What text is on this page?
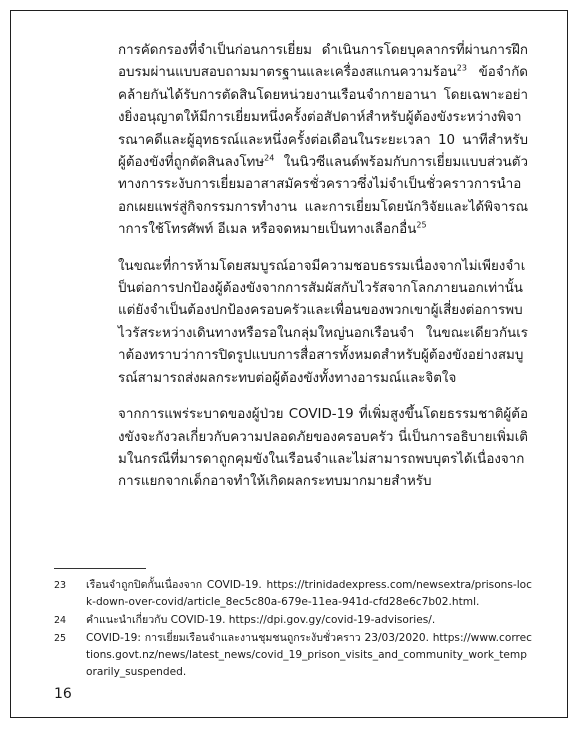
การคัดกรองที่จำเป็นก่อนการเยี่ยม ดำเนินการโดยบุคลากรที่ผ่านการฝึกอบรมผ่านแบบสอบถามมาตรฐานและเครื่องสแกนความร้อน$^{23}$ ข้อจำกัดคล้ายกันได้รับการตัดสินโดยหน่วยงานเรือนจำกายอานา โดยเฉพาะอย่างยิ่งอนุญาตให้มีการเยี่ยมหนึ่งครั้งต่อสัปดาห์สำหรับผู้ต้องขังระหว่างพิจารณาคดีและผู้อุทธรณ์และหนึ่งครั้งต่อเดือนในระยะเวลา 10 นาทีสำหรับผู้ต้องขังที่ถูกตัดสินลงโทษ$^{24}$ ในนิวซีแลนด์พร้อมกับการเยี่ยมแบบส่วนตัว ทางการระงับการเยี่ยมอาสาสมัครชั่วคราวซึ่งไม่จำเป็นชั่วคราวการนำออกเผยแพร่สู่กิจกรรมการทำงาน และการเยี่ยมโดยนักวิจัยและได้พิจารณาการใช้โทรศัพท์ อีเมล หรือจดหมายเป็นทางเลือกอื่น$^{25}$

ในขณะที่การห้ามโดยสมบูรณ์อาจมีความชอบธรรมเนื่องจากไม่เพียงจำเป็นต่อการปกป้องผู้ต้องขังจากการสัมผัสกับไวรัสจากโลกภายนอกเท่านั้นแต่ยังจำเป็นต้องปกป้องครอบครัวและเพื่อนของพวกเขาผู้เสี่ยงต่อการพบไวรัสระหว่างเดินทางหรือรอในกลุ่มใหญ่นอกเรือนจำ ในขณะเดียวกันเราต้องทราบว่าการปิดรูปแบบการสื่อสารทั้งหมดสำหรับผู้ต้องขังอย่างสมบูรณ์สามารถส่งผลกระทบต่อผู้ต้องขังทั้งทางอารมณ์และจิตใจ

จากการแพร่ระบาดของผู้ป่วย COVID-19 ที่เพิ่มสูงขึ้นโดยธรรมชาติผู้ต้องขังจะกังวลเกี่ยวกับความปลอดภัยของครอบครัว นี่เป็นการอธิบายเพิ่มเติมในกรณีที่มารดาถูกคุมขังในเรือนจำและไม่สามารถพบบุตรได้เนื่องจากการแยกจากเด็กอาจทำให้เกิดผลกระทบมากมายสำหรับ

23	เรือนจำถูกปิดกั้นเนื่องจาก COVID-19. https://trinidadexpress.com/newsextra/prisons-lock-down-over-covid/article_8ec5c80a-679e-11ea-941d-cfd28e6c7b02.html.
24	คำแนะนำเกี่ยวกับ COVID-19. https://dpi.gov.gy/covid-19-advisories/.
25	COVID-19: การเยี่ยมเรือนจำและงานชุมชนถูกระงับชั่วคราว 23/03/2020. https://www.corrections.govt.nz/news/latest_news/covid_19_prison_visits_and_community_work_temporarily_suspended.
16
